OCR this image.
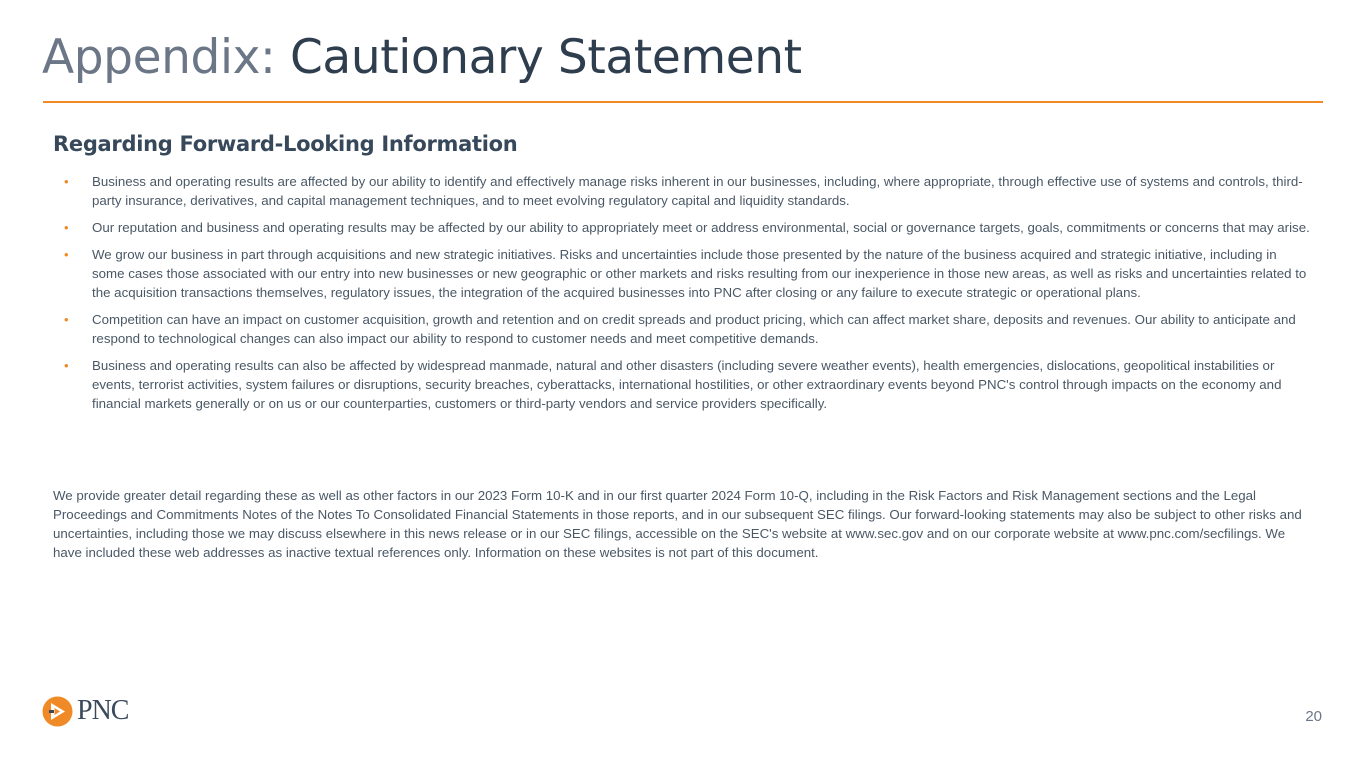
Appendix: Cautionary Statement
Regarding Forward-Looking Information
• Business and operating results are affected by our ability to identify and effectively manage risks inherent in our businesses, including, where appropriate, through effective use of systems and controls, third-party insurance, derivatives, and capital management techniques, and to meet evolving regulatory capital and liquidity standards.
• Our reputation and business and operating results may be affected by our ability to appropriately meet or address environmental, social or governance targets, goals, commitments or concerns that may arise.
• We grow our business in part through acquisitions and new strategic initiatives. Risks and uncertainties include those presented by the nature of the business acquired and strategic initiative, including in some cases those associated with our entry into new businesses or new geographic or other markets and risks resulting from our inexperience in those new areas, as well as risks and uncertainties related to the acquisition transactions themselves, regulatory issues, the integration of the acquired businesses into PNC after closing or any failure to execute strategic or operational plans.
• Competition can have an impact on customer acquisition, growth and retention and on credit spreads and product pricing, which can affect market share, deposits and revenues. Our ability to anticipate and respond to technological changes can also impact our ability to respond to customer needs and meet competitive demands.
• Business and operating results can also be affected by widespread manmade, natural and other disasters (including severe weather events), health emergencies, dislocations, geopolitical instabilities or events, terrorist activities, system failures or disruptions, security breaches, cyberattacks, international hostilities, or other extraordinary events beyond PNC's control through impacts on the economy and financial markets generally or on us or our counterparties, customers or third-party vendors and service providers specifically.

We provide greater detail regarding these as well as other factors in our 2023 Form 10-K and in our first quarter 2024 Form 10-Q, including in the Risk Factors and Risk Management sections and the Legal Proceedings and Commitments Notes of the Notes To Consolidated Financial Statements in those reports, and in our subsequent SEC filings. Our forward-looking statements may also be subject to other risks and uncertainties, including those we may discuss elsewhere in this news release or in our SEC filings, accessible on the SEC's website at www.sec.gov and on our corporate website at www.pnc.com/secfilings. We have included these web addresses as inactive textual references only. Information on these websites is not part of this document.

PNC	20
